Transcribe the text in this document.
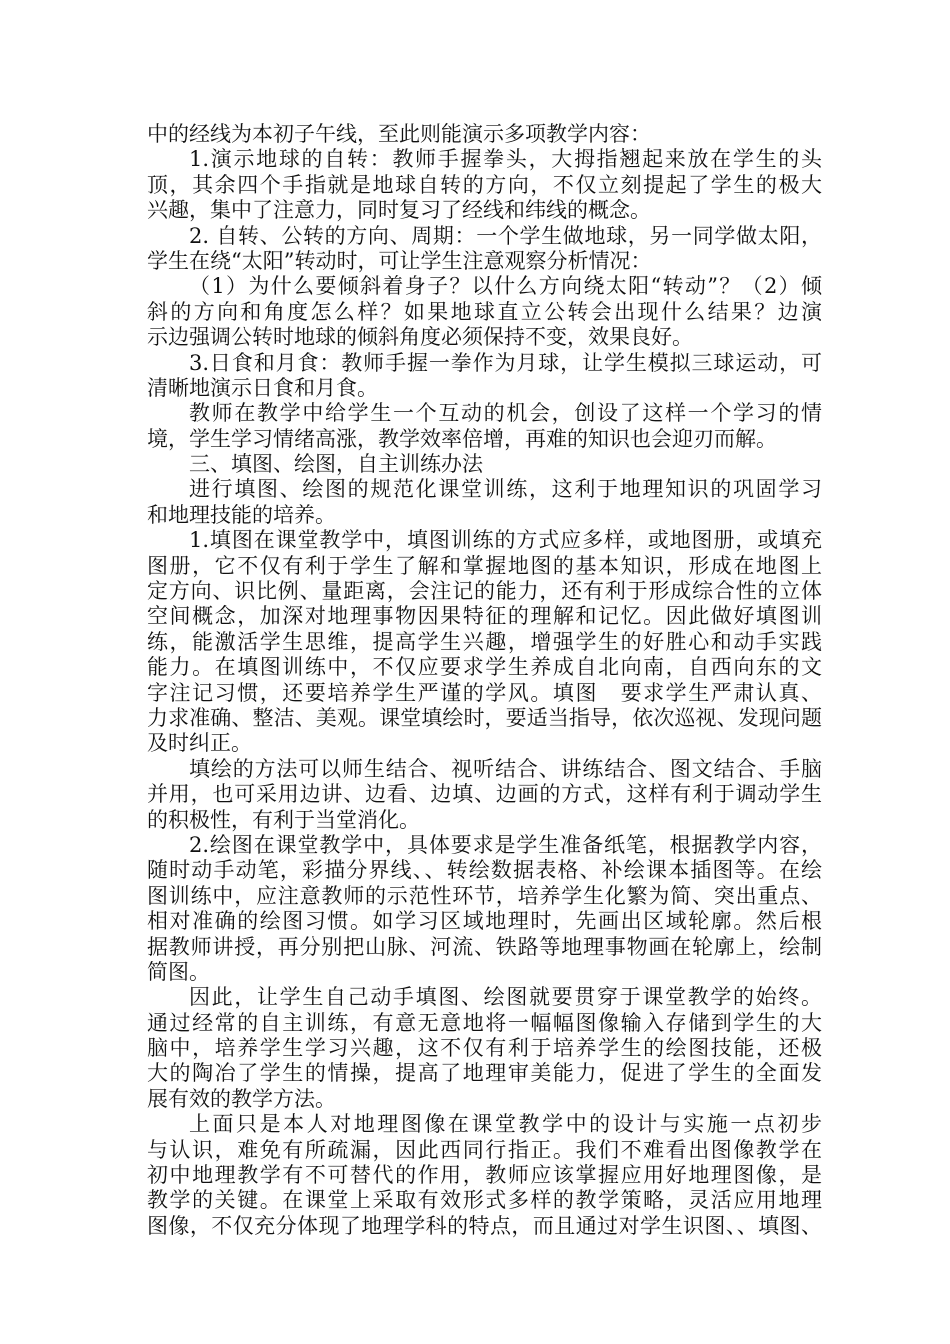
中的经线为本初子午线，至此则能演示多项教学内容：
1.演示地球的自转：教师手握拳头，大拇指翘起来放在学生的头
顶，其余四个手指就是地球自转的方向，不仅立刻提起了学生的极大
兴趣，集中了注意力，同时复习了经线和纬线的概念。
2. 自转、公转的方向、周期：一个学生做地球，另一同学做太阳，
学生在绕“太阳”转动时，可让学生注意观察分析情况：
（1）为什么要倾斜着身子？以什么方向绕太阳“转动”？（2）倾
斜的方向和角度怎么样？如果地球直立公转会出现什么结果？边演
示边强调公转时地球的倾斜角度必须保持不变，效果良好。
3.日食和月食：教师手握一拳作为月球，让学生模拟三球运动，可
清晰地演示日食和月食。
教师在教学中给学生一个互动的机会，创设了这样一个学习的情
境，学生学习情绪高涨，教学效率倍增，再难的知识也会迎刃而解。
三、填图、绘图，自主训练办法
进行填图、绘图的规范化课堂训练，这利于地理知识的巩固学习
和地理技能的培养。
1.填图在课堂教学中，填图训练的方式应多样，或地图册，或填充
图册，它不仅有利于学生了解和掌握地图的基本知识，形成在地图上
定方向、识比例、量距离，会注记的能力，还有利于形成综合性的立体
空间概念，加深对地理事物因果特征的理解和记忆。因此做好填图训
练，能激活学生思维，提高学生兴趣，增强学生的好胜心和动手实践
能力。在填图训练中，不仅应要求学生养成自北向南，自西向东的文
字注记习惯，还要培养学生严谨的学风。填图　要求学生严肃认真、
力求准确、整洁、美观。课堂填绘时，要适当指导，依次巡视、发现问题
及时纠正。
填绘的方法可以师生结合、视听结合、讲练结合、图文结合、手脑
并用，也可采用边讲、边看、边填、边画的方式，这样有利于调动学生
的积极性，有利于当堂消化。
2.绘图在课堂教学中，具体要求是学生准备纸笔，根据教学内容，
随时动手动笔，彩描分界线、、转绘数据表格、补绘课本插图等。在绘
图训练中，应注意教师的示范性环节，培养学生化繁为简、突出重点、
相对准确的绘图习惯。如学习区域地理时，先画出区域轮廓。然后根
据教师讲授，再分别把山脉、河流、铁路等地理事物画在轮廓上，绘制
简图。
因此，让学生自己动手填图、绘图就要贯穿于课堂教学的始终。
通过经常的自主训练，有意无意地将一幅幅图像输入存储到学生的大
脑中，培养学生学习兴趣，这不仅有利于培养学生的绘图技能，还极
大的陶冶了学生的情操，提高了地理审美能力，促进了学生的全面发
展有效的教学方法。
上面只是本人对地理图像在课堂教学中的设计与实施一点初步
与认识，难免有所疏漏，因此西同行指正。我们不难看出图像教学在
初中地理教学有不可替代的作用，教师应该掌握应用好地理图像，是
教学的关键。在课堂上采取有效形式多样的教学策略，灵活应用地理
图像，不仅充分体现了地理学科的特点，而且通过对学生识图、、填图、
